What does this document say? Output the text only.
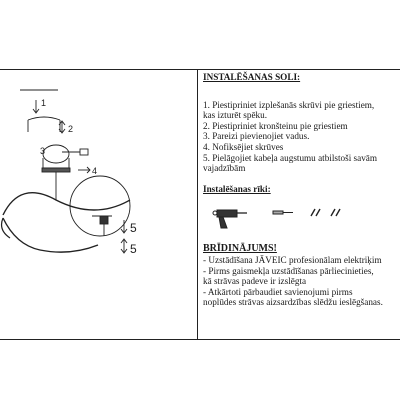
1
2
3
4
5
5
INSTALĒŠANAS SOLI:
1. Piestipriniet izplešanās skrūvi pie griestiem,
kas izturēt spēku.
2. Piestipriniet kronšteinu pie griestiem
3. Pareizi pievienojiet vadus.
4. Nofiksējiet skrūves
5. Pielāgojiet kabeļa augstumu atbilstoši savām
vajadzībām
Instalēšanas rīki:
BRĪDINĀJUMS!
- Uzstādīšana JĀVEIC profesionālam elektriķim
- Pirms gaismekļa uzstādīšanas pārliecinieties,
kā strāvas padeve ir izslēgta
- Atkārtoti pārbaudiet savienojumi pirms
noplūdes strāvas aizsardzības slēdžu ieslēgšanas.
